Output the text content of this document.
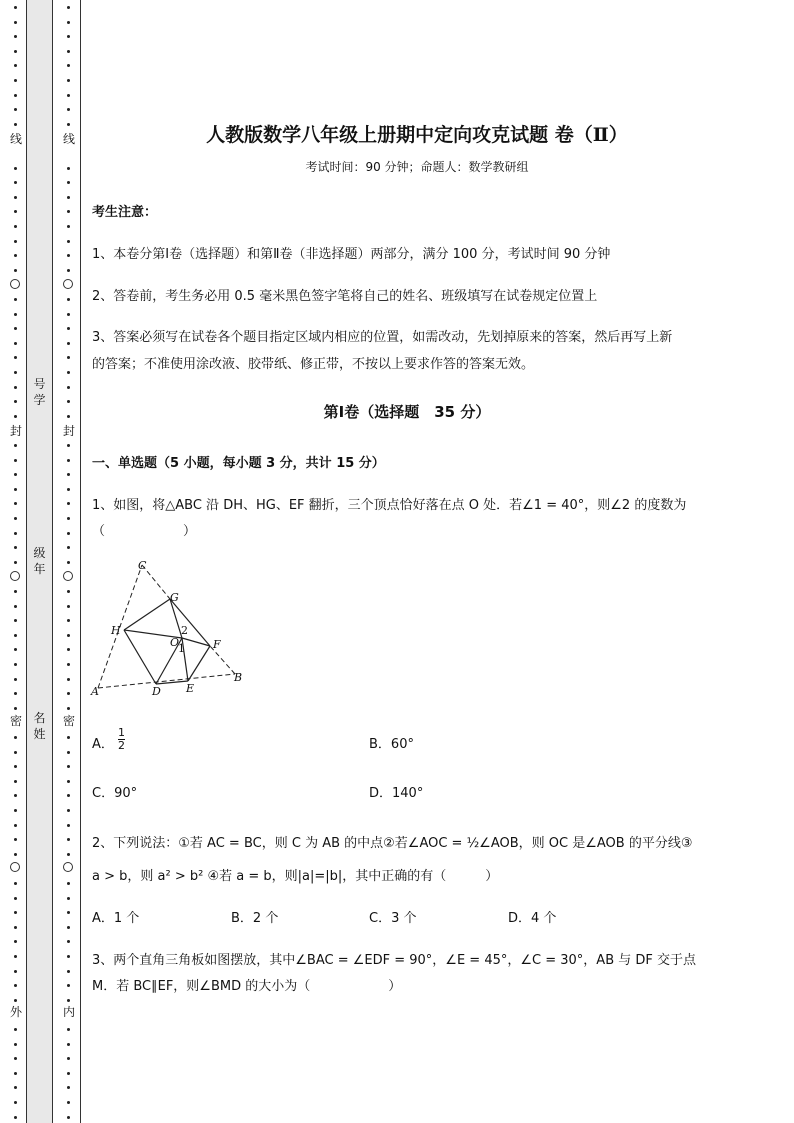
线
封
密
外
线
封
密
内
号学
级年
名姓
人教版数学八年级上册期中定向攻克试题 卷（Ⅱ）
考试时间：90 分钟；命题人：数学教研组
考生注意：
1、本卷分第Ⅰ卷（选择题）和第Ⅱ卷（非选择题）两部分，满分 100 分，考试时间 90 分钟
2、答卷前，考生务必用 0.5 毫米黑色签字笔将自己的姓名、班级填写在试卷规定位置上
3、答案必须写在试卷各个题目指定区域内相应的位置，如需改动，先划掉原来的答案，然后再写上新
的答案；不准使用涂改液、胶带纸、修正带，不按以上要求作答的答案无效。
第Ⅰ卷（选择题　35 分）
一、单选题（5 小题，每小题 3 分，共计 15 分）
1、如图，将△ABC 沿 DH、HG、EF 翻折，三个顶点恰好落在点 O 处．若∠1 = 40°，则∠2 的度数为
（　　　　　　）
C
G
H
O
2
1	F
A	D E
B
A． $\frac{1}{2}$	B．60°
C．90°	D．140°
2、下列说法：①若 AC = BC，则 C 为 AB 的中点②若∠AOC = ½∠AOB，则 OC 是∠AOB 的平分线③
a > b，则 a² > b² ④若 a = b，则|a|=|b|，其中正确的有（　　　）
A．1 个	B．2 个	C．3 个	D．4 个
3、两个直角三角板如图摆放，其中∠BAC = ∠EDF = 90°，∠E = 45°，∠C = 30°，AB 与 DF 交于点
M．若 BC∥EF，则∠BMD 的大小为（　　　　　　）
